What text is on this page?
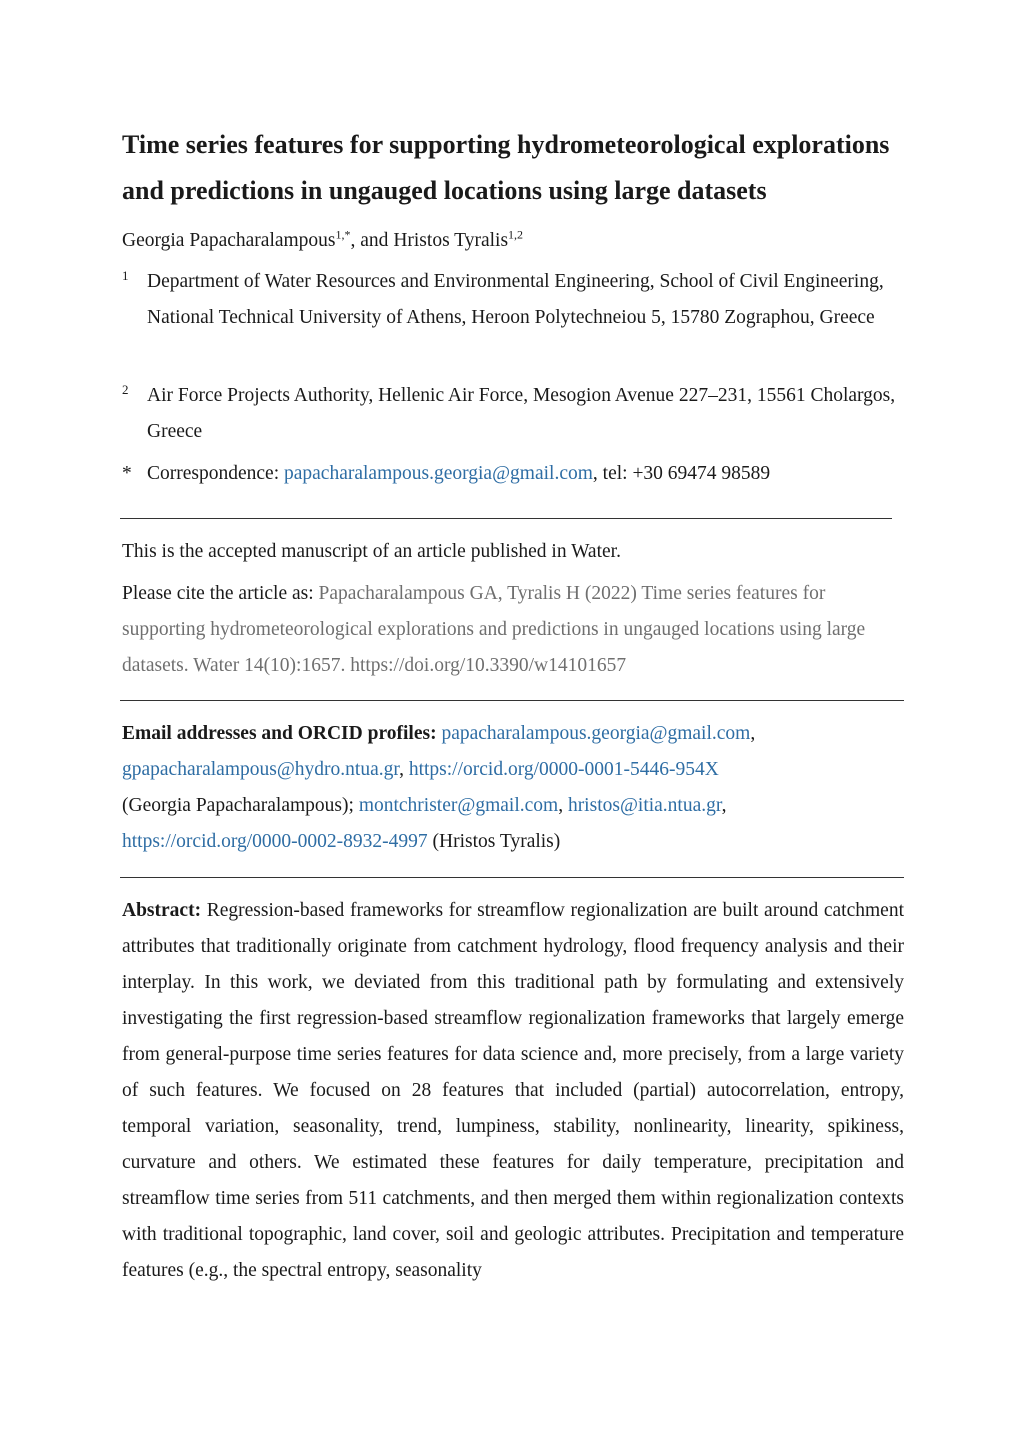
Time series features for supporting hydrometeorological explorations and predictions in ungauged locations using large datasets
Georgia Papacharalampous$^{1,*}$, and Hristos Tyralis$^{1,2}$
1 Department of Water Resources and Environmental Engineering, School of Civil Engineering, National Technical University of Athens, Heroon Polytechneiou 5, 15780 Zographou, Greece
2 Air Force Projects Authority, Hellenic Air Force, Mesogion Avenue 227–231, 15561 Cholargos, Greece
* Correspondence: papacharalampous.georgia@gmail.com, tel: +30 69474 98589

This is the accepted manuscript of an article published in Water.

Please cite the article as: Papacharalampous GA, Tyralis H (2022) Time series features for supporting hydrometeorological explorations and predictions in ungauged locations using large datasets. Water 14(10):1657. https://doi.org/10.3390/w14101657

Email addresses and ORCID profiles: papacharalampous.georgia@gmail.com,
gpapacharalampous@hydro.ntua.gr, https://orcid.org/0000-0001-5446-954X
(Georgia Papacharalampous); montchrister@gmail.com, hristos@itia.ntua.gr,
https://orcid.org/0000-0002-8932-4997 (Hristos Tyralis)

Abstract: Regression-based frameworks for streamflow regionalization are built around catchment attributes that traditionally originate from catchment hydrology, flood frequency analysis and their interplay. In this work, we deviated from this traditional path by formulating and extensively investigating the first regression-based streamflow regionalization frameworks that largely emerge from general-purpose time series features for data science and, more precisely, from a large variety of such features. We focused on 28 features that included (partial) autocorrelation, entropy, temporal variation, seasonality, trend, lumpiness, stability, nonlinearity, linearity, spikiness, curvature and others. We estimated these features for daily temperature, precipitation and streamflow time series from 511 catchments, and then merged them within regionalization contexts with traditional topographic, land cover, soil and geologic attributes. Precipitation and temperature features (e.g., the spectral entropy, seasonality
